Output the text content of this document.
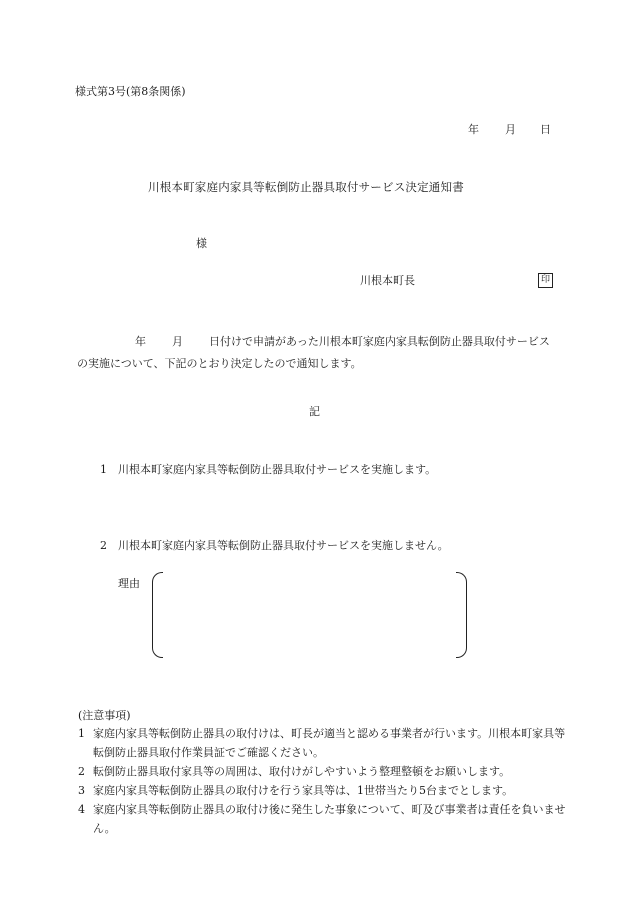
様式第3号(第8条関係)
年 月 日
川根本町家庭内家具等転倒防止器具取付サービス決定通知書
様
川根本町長	印
年 月 日付けで申請があった川根本町家庭内家具転倒防止器具取付サービスの実施について、下記のとおり決定したので通知します。
記
1 川根本町家庭内家具等転倒防止器具取付サービスを実施します。
2 川根本町家庭内家具等転倒防止器具取付サービスを実施しません。
理由
(注意事項)
1 家庭内家具等転倒防止器具の取付けは、町長が適当と認める事業者が行います。川根本町家具等転倒防止器具取付作業員証でご確認ください。
2 転倒防止器具取付家具等の周囲は、取付けがしやすいよう整理整頓をお願いします。
3 家庭内家具等転倒防止器具の取付けを行う家具等は、1世帯当たり5台までとします。
4 家庭内家具等転倒防止器具の取付け後に発生した事象について、町及び事業者は責任を負いません。
